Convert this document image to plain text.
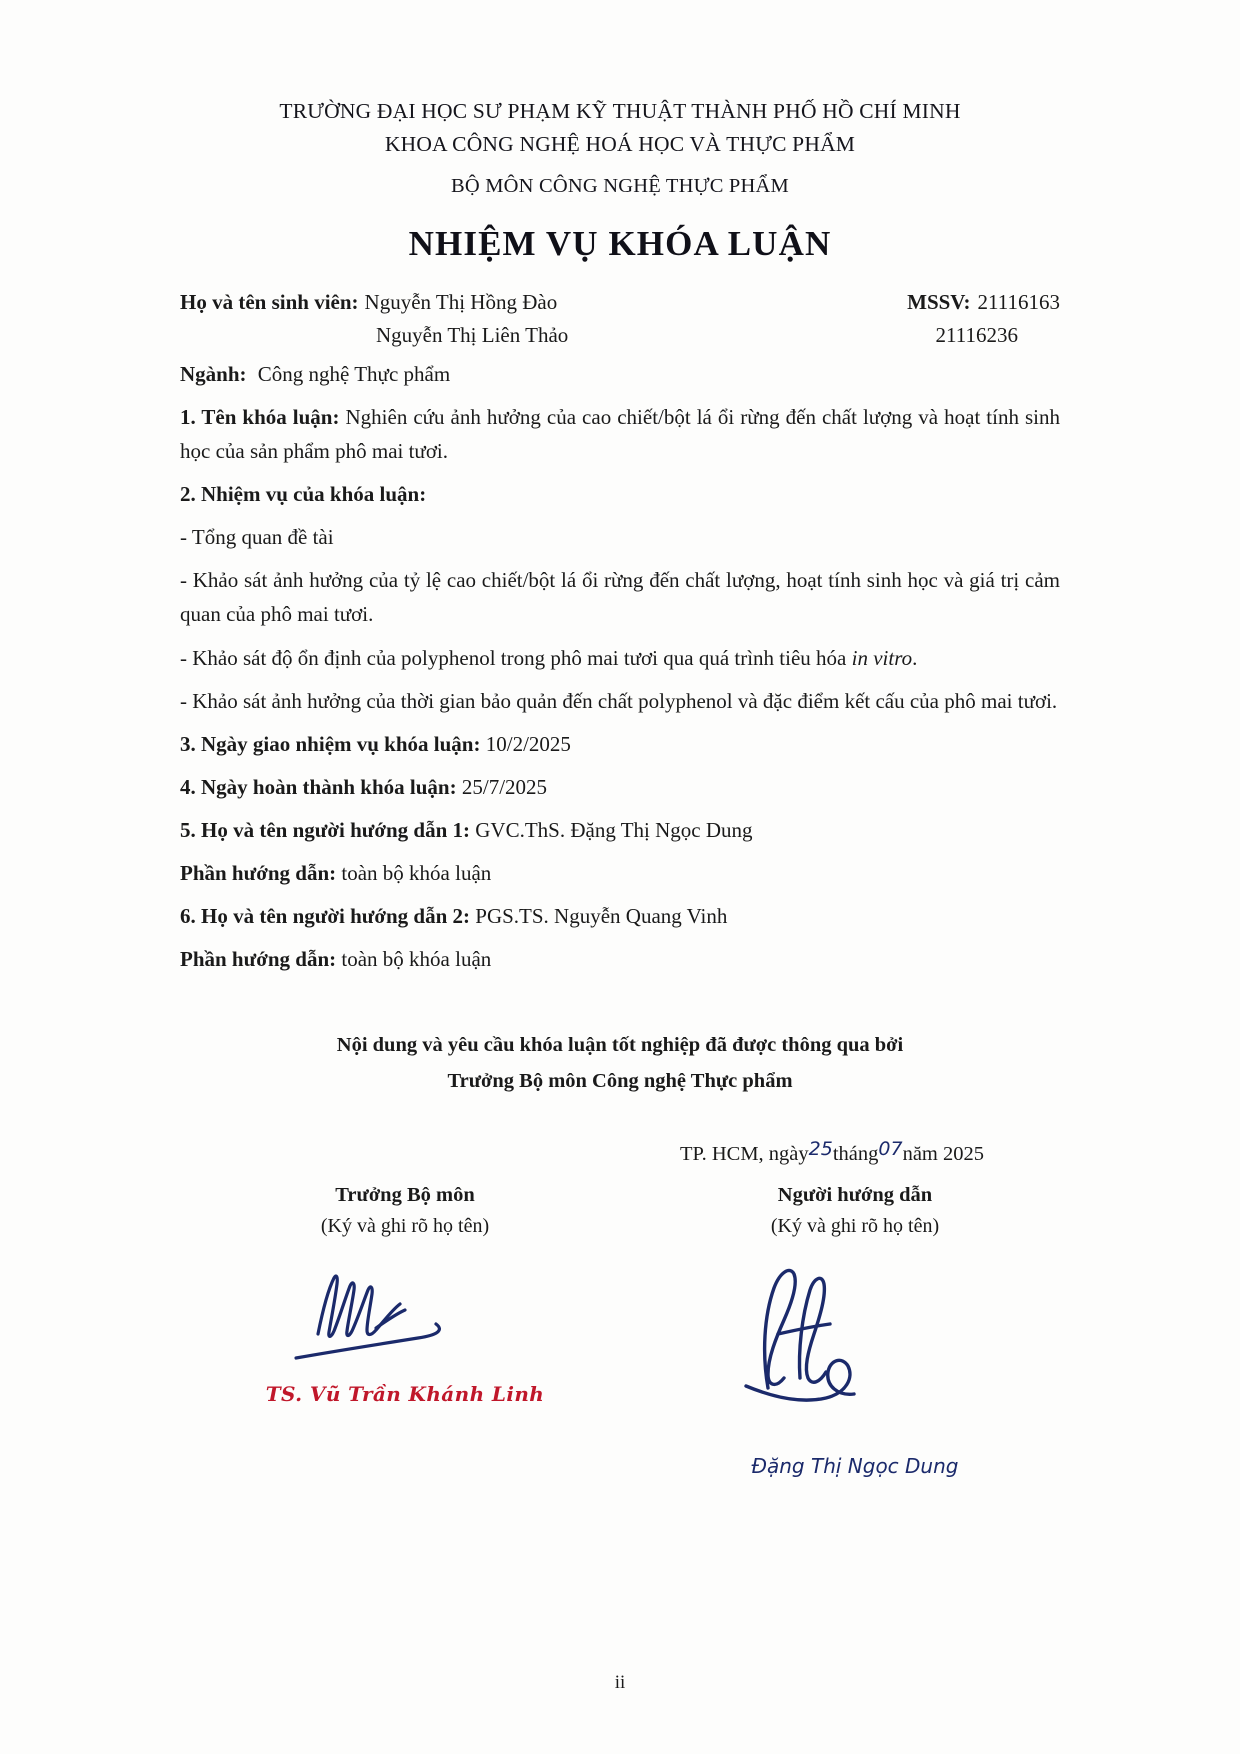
TRƯỜNG ĐẠI HỌC SƯ PHẠM KỸ THUẬT THÀNH PHỐ HỒ CHÍ MINH
KHOA CÔNG NGHỆ HOÁ HỌC VÀ THỰC PHẨM
BỘ MÔN CÔNG NGHỆ THỰC PHẨM
NHIỆM VỤ KHÓA LUẬN
Họ và tên sinh viên: Nguyễn Thị Hồng Đào	MSSV: 21116163
Nguyễn Thị Liên Thảo	21116236
Ngành: Công nghệ Thực phẩm
1. Tên khóa luận: Nghiên cứu ảnh hưởng của cao chiết/bột lá ổi rừng đến chất lượng và hoạt tính sinh học của sản phẩm phô mai tươi.
2. Nhiệm vụ của khóa luận:
- Tổng quan đề tài
- Khảo sát ảnh hưởng của tỷ lệ cao chiết/bột lá ổi rừng đến chất lượng, hoạt tính sinh học và giá trị cảm quan của phô mai tươi.
- Khảo sát độ ổn định của polyphenol trong phô mai tươi qua quá trình tiêu hóa in vitro.
- Khảo sát ảnh hưởng của thời gian bảo quản đến chất polyphenol và đặc điểm kết cấu của phô mai tươi.
3. Ngày giao nhiệm vụ khóa luận: 10/2/2025
4. Ngày hoàn thành khóa luận: 25/7/2025
5. Họ và tên người hướng dẫn 1: GVC.ThS. Đặng Thị Ngọc Dung
Phần hướng dẫn: toàn bộ khóa luận
6. Họ và tên người hướng dẫn 2: PGS.TS. Nguyễn Quang Vinh
Phần hướng dẫn: toàn bộ khóa luận
Nội dung và yêu cầu khóa luận tốt nghiệp đã được thông qua bởi
Trưởng Bộ môn Công nghệ Thực phẩm
TP. HCM, ngày25tháng07năm 2025
Trưởng Bộ môn
(Ký và ghi rõ họ tên)
TS. Vũ Trần Khánh Linh
Người hướng dẫn
(Ký và ghi rõ họ tên)
Đặng Thị Ngọc Dung
ii
